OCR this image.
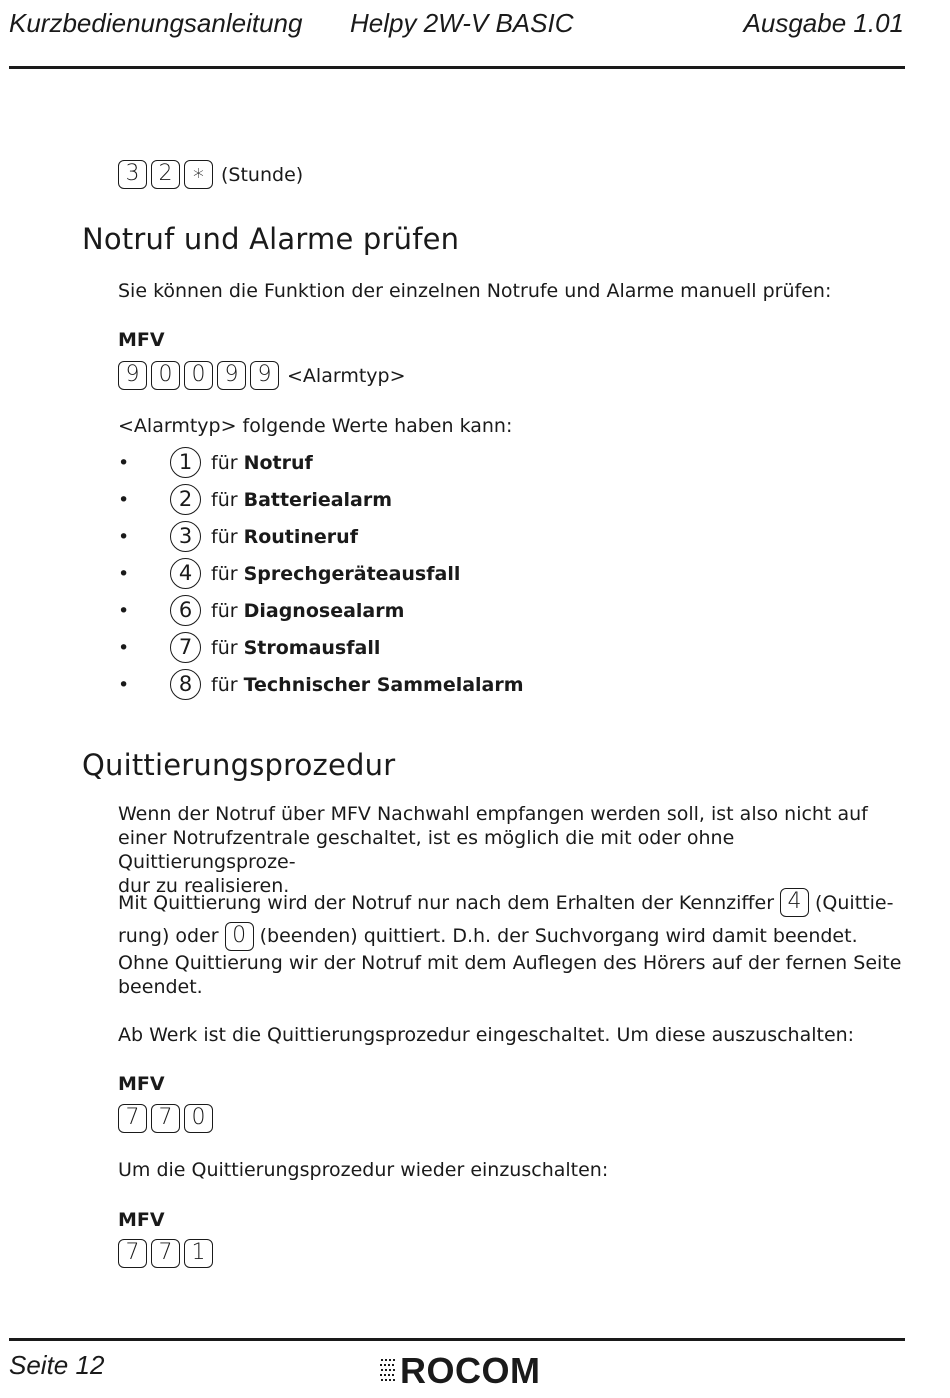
Kurzbedienungsanleitung Helpy 2W-V BASIC	Ausgabe 1.01
3 2 ∗ (Stunde)
Notruf und Alarme prüfen
Sie können die Funktion der einzelnen Notrufe und Alarme manuell prüfen:
MFV
9 0 0 9 9 <Alarmtyp>
<Alarmtyp> folgende Werte haben kann:
•	1 für Notruf
•	2 für Batteriealarm
•	3 für Routineruf
•	4 für Sprechgeräteausfall
•	6 für Diagnosealarm
•	7 für Stromausfall
•	8 für Technischer Sammelalarm
Quittierungsprozedur
Wenn der Notruf über MFV Nachwahl empfangen werden soll, ist also nicht auf
einer Notrufzentrale geschaltet, ist es möglich die mit oder ohne Quittierungsproze-
dur zu realisieren.
Mit Quittierung wird der Notruf nur nach dem Erhalten der Kennziffer 4 (Quittie-
rung) oder 0 (beenden) quittiert. D.h. der Suchvorgang wird damit beendet.
Ohne Quittierung wir der Notruf mit dem Auflegen des Hörers auf der fernen Seite
beendet.
Ab Werk ist die Quittierungsprozedur eingeschaltet. Um diese auszuschalten:
MFV
7 7 0
Um die Quittierungsprozedur wieder einzuschalten:
MFV
7 7 1
Seite 12	ROCOM
